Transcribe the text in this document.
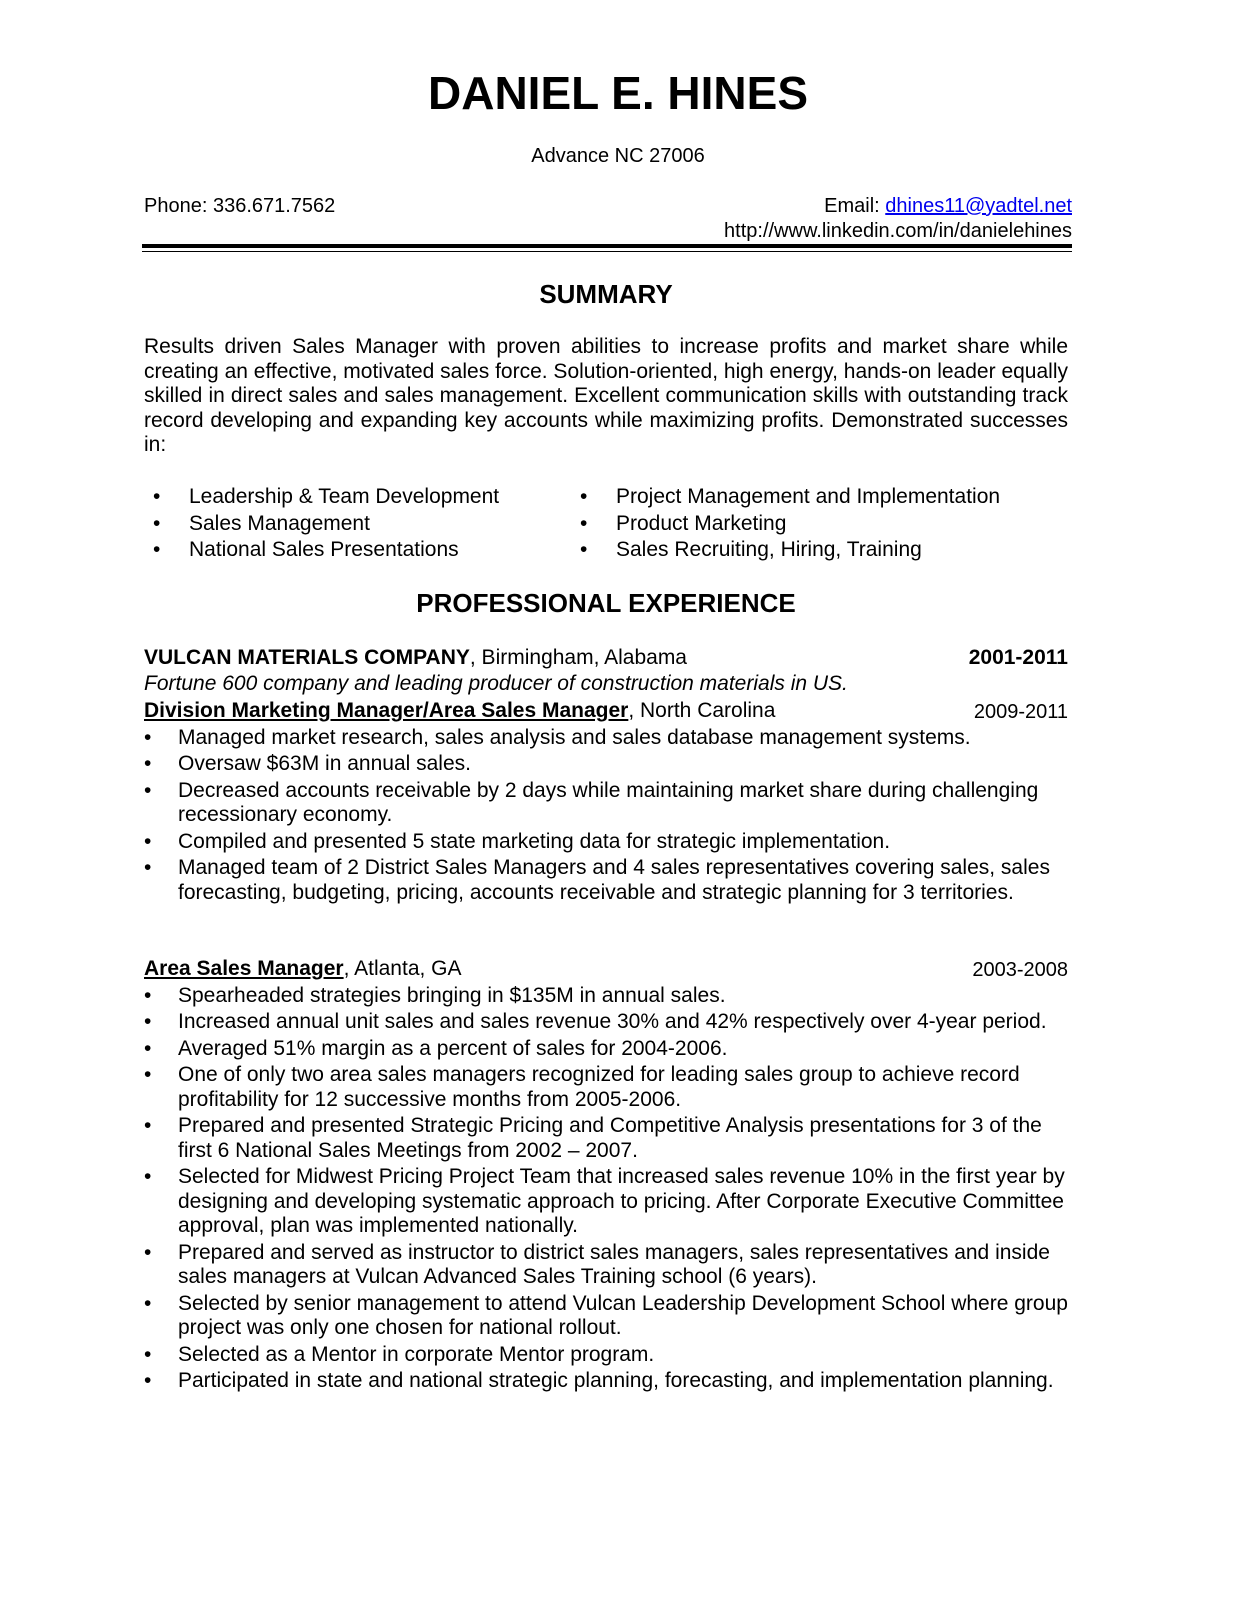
DANIEL E. HINES
Advance NC 27006
Phone: 336.671.7562	Email: dhines11@yadtel.net
http://www.linkedin.com/in/danielehines
SUMMARY

Results driven Sales Manager with proven abilities to increase profits and market share while creating an effective, motivated sales force. Solution-oriented, high energy, hands-on leader equally skilled in direct sales and sales management. Excellent communication skills with outstanding track record developing and expanding key accounts while maximizing profits. Demonstrated successes in:

• Leadership & Team Development
• Sales Management
• National Sales Presentations
• Project Management and Implementation
• Product Marketing
• Sales Recruiting, Hiring, Training
PROFESSIONAL EXPERIENCE
VULCAN MATERIALS COMPANY, Birmingham, Alabama	2001-2011
Fortune 600 company and leading producer of construction materials in US.
Division Marketing Manager/Area Sales Manager, North Carolina	2009-2011
• Managed market research, sales analysis and sales database management systems.
• Oversaw $63M in annual sales.
• Decreased accounts receivable by 2 days while maintaining market share during challenging recessionary economy.
• Compiled and presented 5 state marketing data for strategic implementation.
• Managed team of 2 District Sales Managers and 4 sales representatives covering sales, sales forecasting, budgeting, pricing, accounts receivable and strategic planning for 3 territories.
Area Sales Manager, Atlanta, GA	2003-2008
• Spearheaded strategies bringing in $135M in annual sales.
• Increased annual unit sales and sales revenue 30% and 42% respectively over 4-year period.
• Averaged 51% margin as a percent of sales for 2004-2006.
• One of only two area sales managers recognized for leading sales group to achieve record profitability for 12 successive months from 2005-2006.
• Prepared and presented Strategic Pricing and Competitive Analysis presentations for 3 of the first 6 National Sales Meetings from 2002 – 2007.
• Selected for Midwest Pricing Project Team that increased sales revenue 10% in the first year by designing and developing systematic approach to pricing. After Corporate Executive Committee approval, plan was implemented nationally.
• Prepared and served as instructor to district sales managers, sales representatives and inside sales managers at Vulcan Advanced Sales Training school (6 years).
• Selected by senior management to attend Vulcan Leadership Development School where group project was only one chosen for national rollout.
• Selected as a Mentor in corporate Mentor program.
• Participated in state and national strategic planning, forecasting, and implementation planning.
